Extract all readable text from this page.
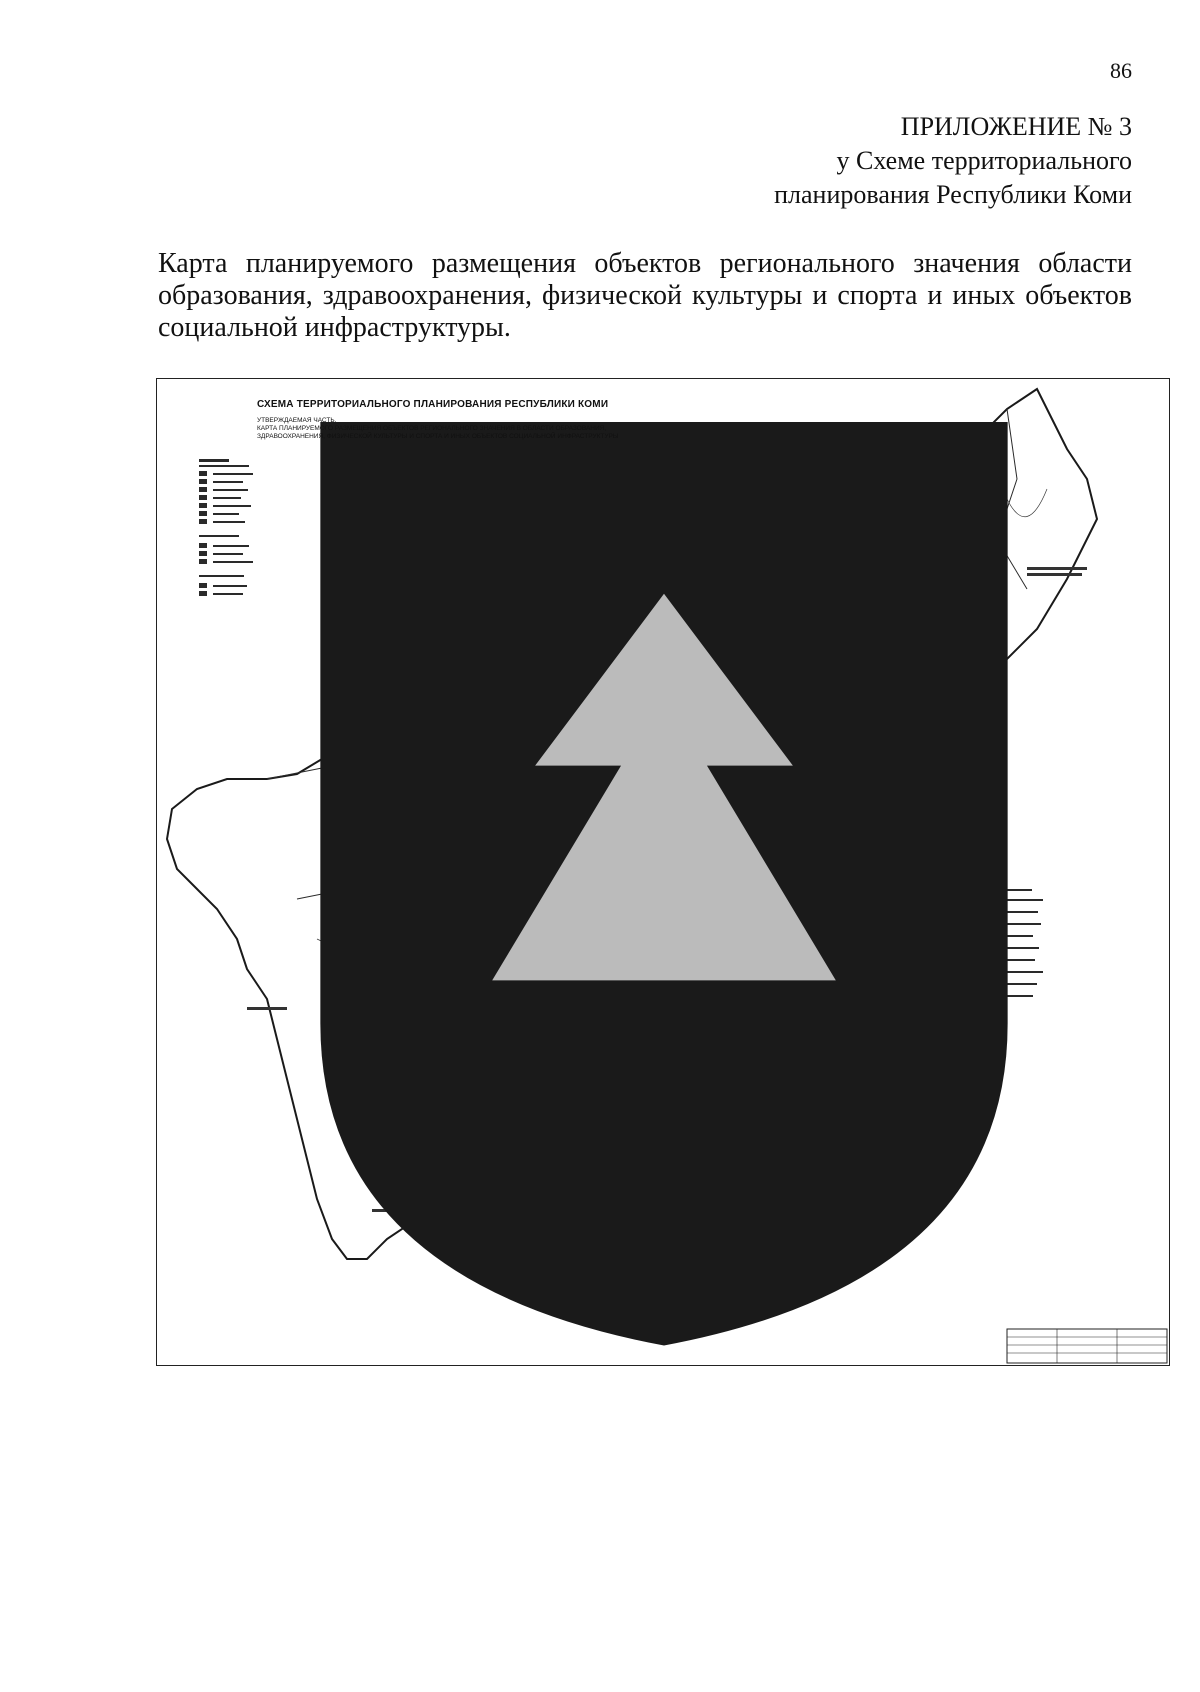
86
ПРИЛОЖЕНИЕ № 3
у Схеме территориального
планирования Республики Коми
Карта планируемого размещения объектов регионального значения области образования, здравоохранения, физической культуры и спорта и иных объектов социальной инфраструктуры.
СХЕМА ТЕРРИТОРИАЛЬНОГО ПЛАНИРОВАНИЯ РЕСПУБЛИКИ КОМИ
УТВЕРЖДАЕМАЯ ЧАСТЬ.
КАРТА ПЛАНИРУЕМОГО РАЗМЕЩЕНИЯ ОБЪЕКТОВ РЕГИОНАЛЬНОГО ЗНАЧЕНИЯ В ОБЛАСТИ ОБРАЗОВАНИЯ,
ЗДРАВООХРАНЕНИЯ, ФИЗИЧЕСКОЙ КУЛЬТУРЫ И СПОРТА И ИНЫХ ОБЪЕКТОВ СОЦИАЛЬНОЙ ИНФРАСТРУКТУРЫ
